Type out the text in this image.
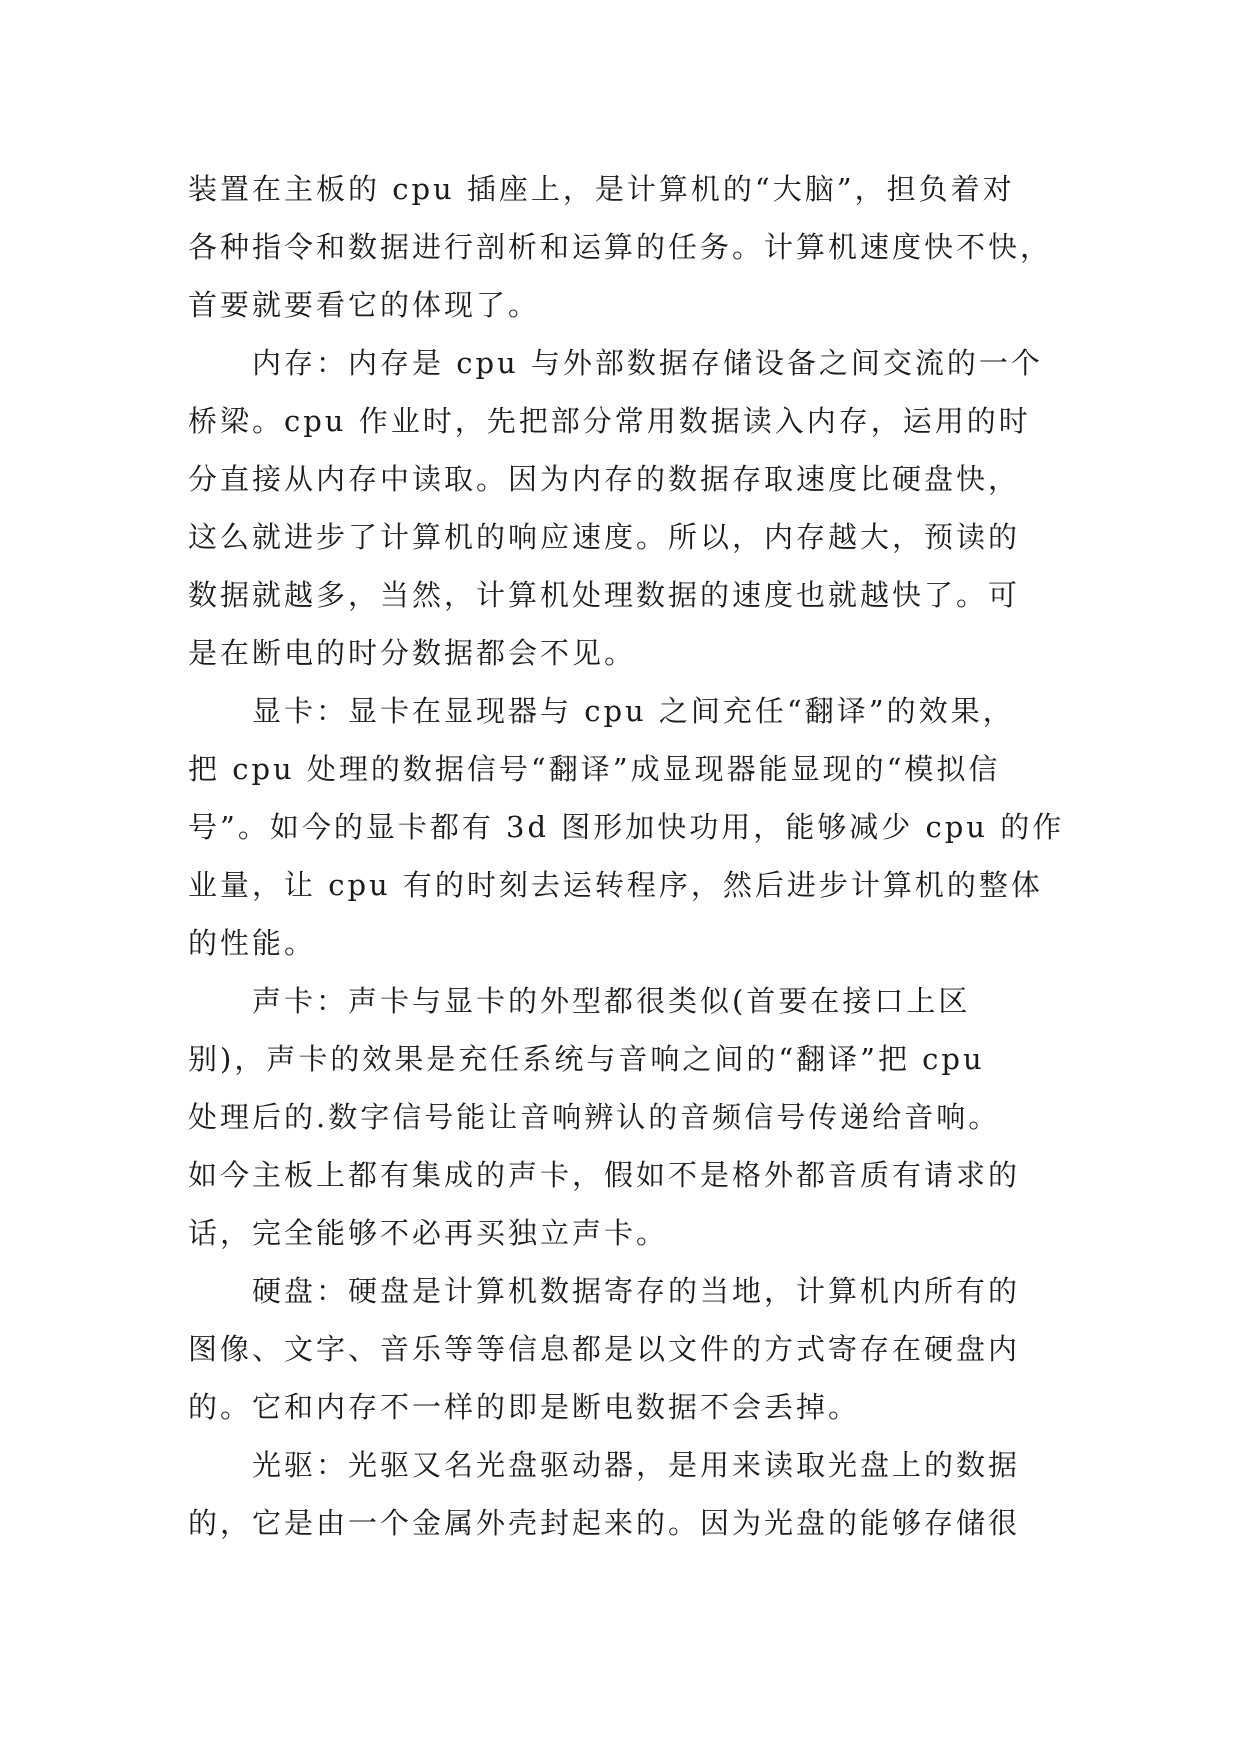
装置在主板的 cpu 插座上，是计算机的“大脑”，担负着对
各种指令和数据进行剖析和运算的任务。计算机速度快不快，
首要就要看它的体现了。
内存：内存是 cpu 与外部数据存储设备之间交流的一个
桥梁。cpu 作业时，先把部分常用数据读入内存，运用的时
分直接从内存中读取。因为内存的数据存取速度比硬盘快，
这么就进步了计算机的响应速度。所以，内存越大，预读的
数据就越多，当然，计算机处理数据的速度也就越快了。可
是在断电的时分数据都会不见。
显卡：显卡在显现器与 cpu 之间充任“翻译”的效果，
把 cpu 处理的数据信号“翻译”成显现器能显现的“模拟信
号”。如今的显卡都有 3d 图形加快功用，能够减少 cpu 的作
业量，让 cpu 有的时刻去运转程序，然后进步计算机的整体
的性能。
声卡：声卡与显卡的外型都很类似(首要在接口上区
别)，声卡的效果是充任系统与音响之间的“翻译”把 cpu
处理后的.数字信号能让音响辨认的音频信号传递给音响。
如今主板上都有集成的声卡，假如不是格外都音质有请求的
话，完全能够不必再买独立声卡。
硬盘：硬盘是计算机数据寄存的当地，计算机内所有的
图像、文字、音乐等等信息都是以文件的方式寄存在硬盘内
的。它和内存不一样的即是断电数据不会丢掉。
光驱：光驱又名光盘驱动器，是用来读取光盘上的数据
的，它是由一个金属外壳封起来的。因为光盘的能够存储很
